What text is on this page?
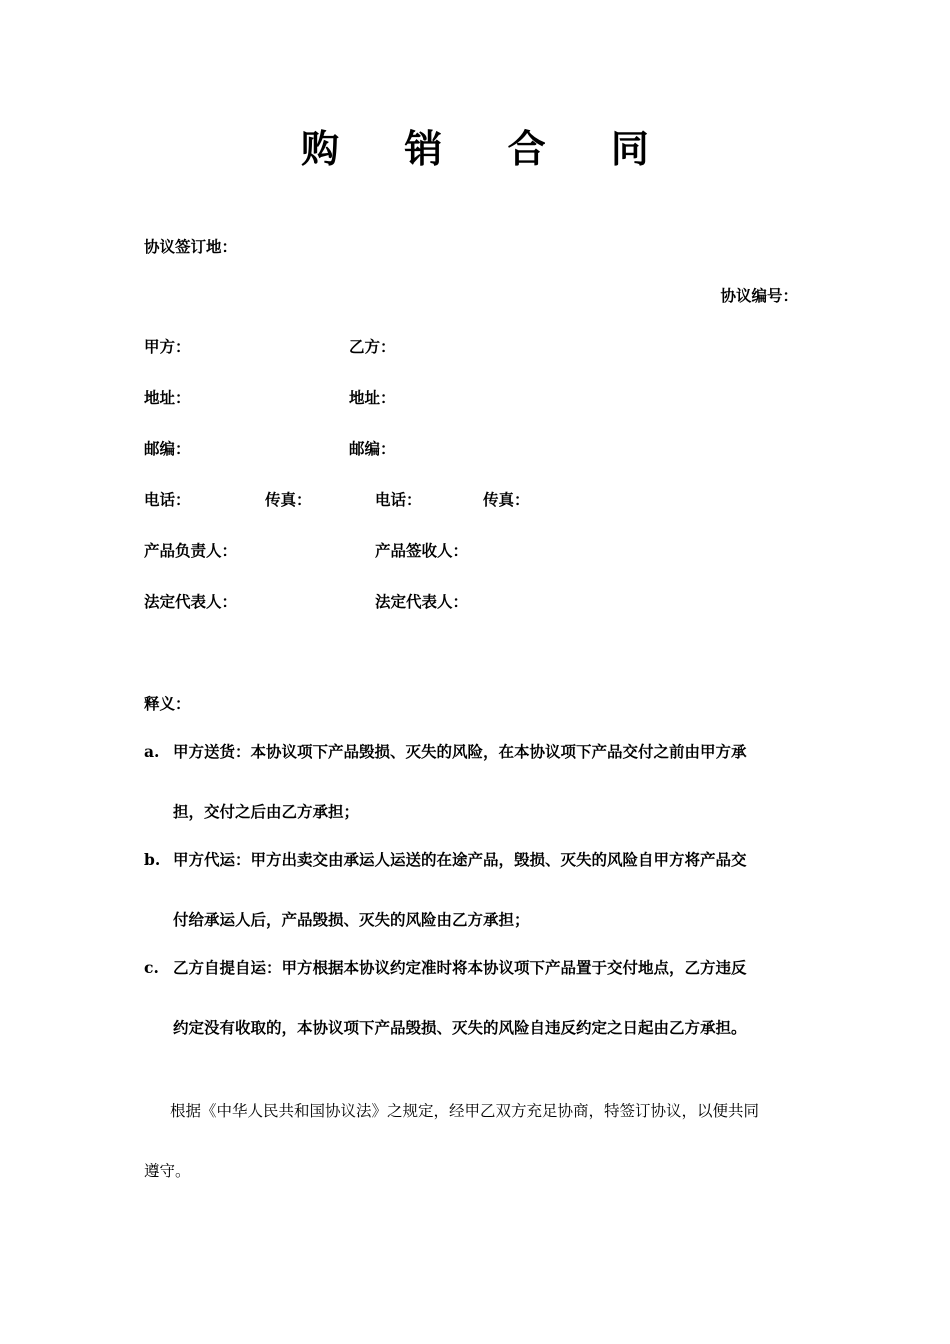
购 销 合 同
协议签订地：
协议编号：
甲方：	乙方：
地址：	地址：
邮编：	邮编：
电话：	传真：	电话：	传真：
产品负责人：	产品签收人：
法定代表人：	法定代表人：
释义：
a. 甲方送货：本协议项下产品毁损、灭失的风险，在本协议项下产品交付之前由甲方承
担，交付之后由乙方承担；
b. 甲方代运：甲方出卖交由承运人运送的在途产品，毁损、灭失的风险自甲方将产品交
付给承运人后，产品毁损、灭失的风险由乙方承担；
c. 乙方自提自运：甲方根据本协议约定准时将本协议项下产品置于交付地点，乙方违反
约定没有收取的，本协议项下产品毁损、灭失的风险自违反约定之日起由乙方承担。
根据《中华人民共和国协议法》之规定，经甲乙双方充足协商，特签订协议，以便共同
遵守。
